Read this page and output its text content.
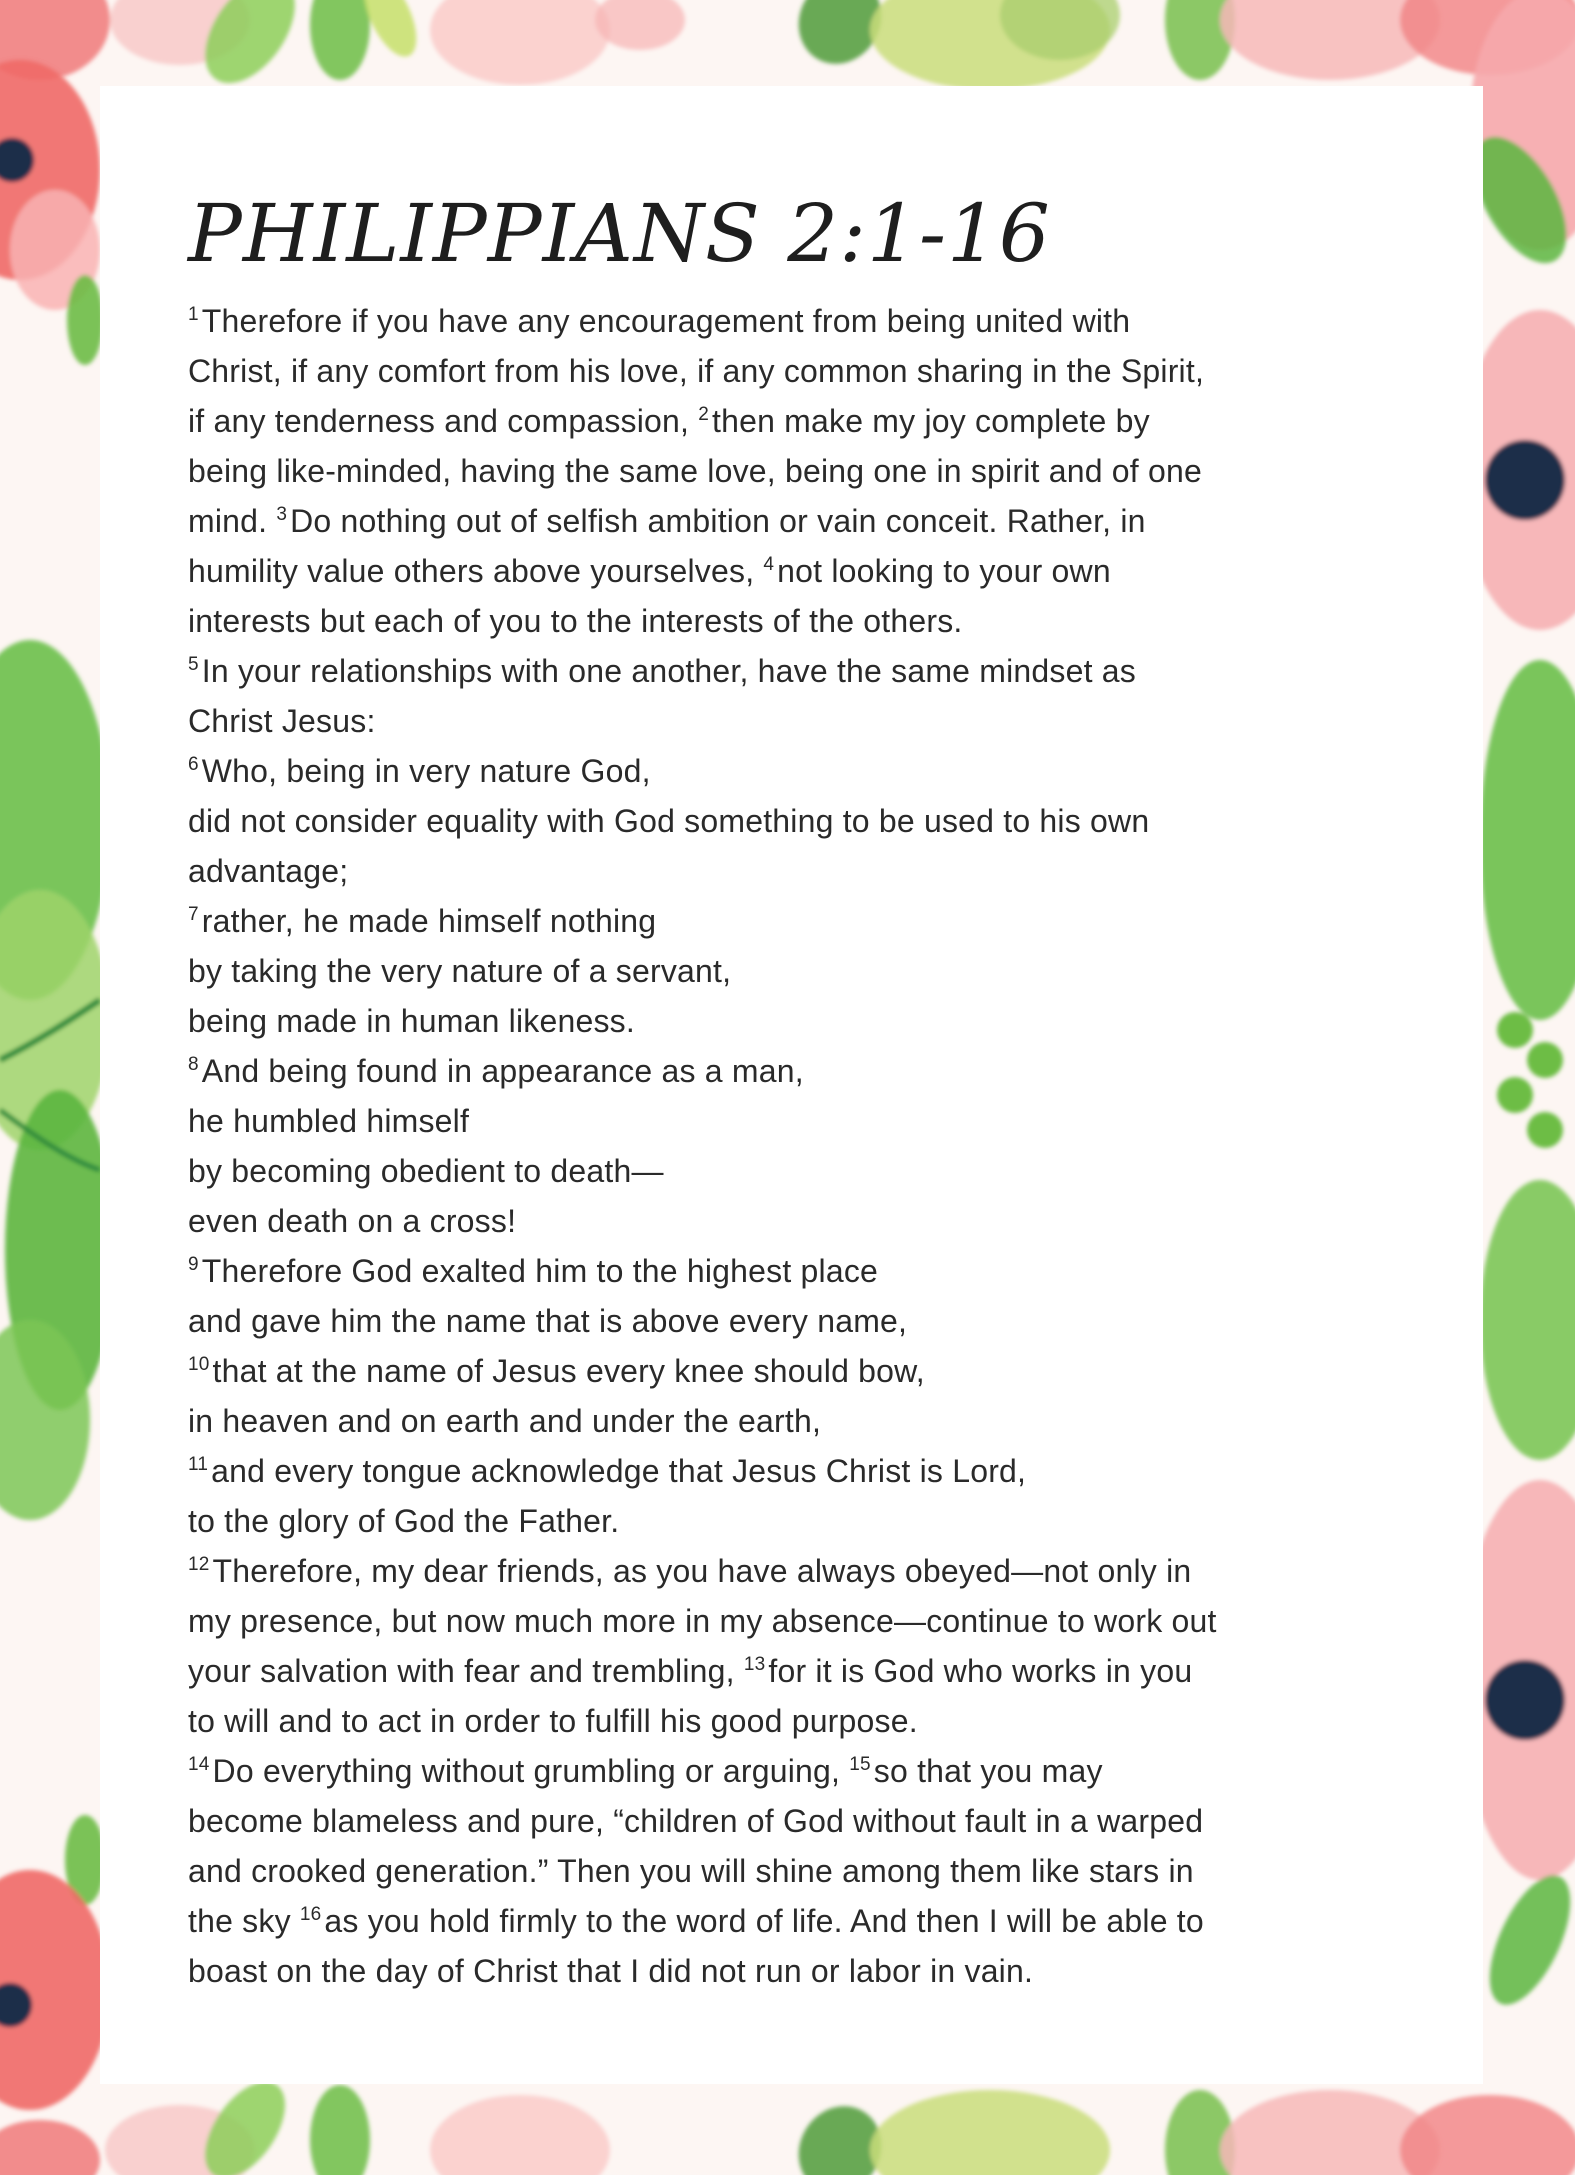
PHILIPPIANS 2:1-16
$^1$Therefore if you have any encouragement from being united with
Christ, if any comfort from his love, if any common sharing in the Spirit,
if any tenderness and compassion, $^2$then make my joy complete by
being like-minded, having the same love, being one in spirit and of one
mind. $^3$Do nothing out of selfish ambition or vain conceit. Rather, in
humility value others above yourselves, $^4$not looking to your own
interests but each of you to the interests of the others.
$^5$In your relationships with one another, have the same mindset as
Christ Jesus:
$^6$Who, being in very nature God,
did not consider equality with God something to be used to his own
advantage;
$^7$rather, he made himself nothing
by taking the very nature of a servant,
being made in human likeness.
$^8$And being found in appearance as a man,
he humbled himself
by becoming obedient to death—
even death on a cross!
$^9$Therefore God exalted him to the highest place
and gave him the name that is above every name,
$^{10}$that at the name of Jesus every knee should bow,
in heaven and on earth and under the earth,
$^{11}$and every tongue acknowledge that Jesus Christ is Lord,
to the glory of God the Father.
$^{12}$Therefore, my dear friends, as you have always obeyed—not only in
my presence, but now much more in my absence—continue to work out
your salvation with fear and trembling, $^{13}$for it is God who works in you
to will and to act in order to fulfill his good purpose.
$^{14}$Do everything without grumbling or arguing, $^{15}$so that you may
become blameless and pure, “children of God without fault in a warped
and crooked generation.” Then you will shine among them like stars in
the sky $^{16}$as you hold firmly to the word of life. And then I will be able to
boast on the day of Christ that I did not run or labor in vain.
